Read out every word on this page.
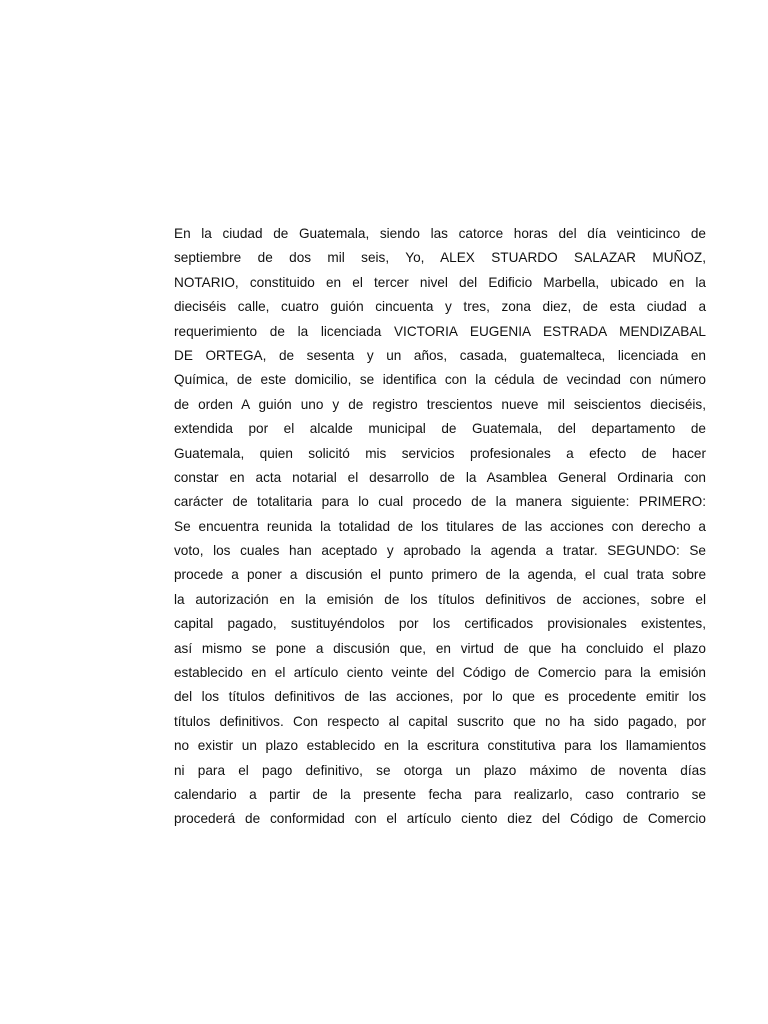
En la ciudad de Guatemala, siendo las catorce horas del día veinticinco de
septiembre de dos mil seis, Yo, ALEX STUARDO SALAZAR MUÑOZ,
NOTARIO, constituido en el tercer nivel del Edificio Marbella, ubicado en la
dieciséis calle, cuatro guión cincuenta y tres, zona diez, de esta ciudad a
requerimiento de la licenciada VICTORIA EUGENIA ESTRADA MENDIZABAL
DE ORTEGA, de sesenta y un años, casada, guatemalteca, licenciada en
Química, de este domicilio, se identifica con la cédula de vecindad con número
de orden A guión uno y de registro trescientos nueve mil seiscientos dieciséis,
extendida por el alcalde municipal de Guatemala, del departamento de
Guatemala, quien solicitó mis servicios profesionales a efecto de hacer
constar en acta notarial el desarrollo de la Asamblea General Ordinaria con
carácter de totalitaria para lo cual procedo de la manera siguiente: PRIMERO:
Se encuentra reunida la totalidad de los titulares de las acciones con derecho a
voto, los cuales han aceptado y aprobado la agenda a tratar. SEGUNDO: Se
procede a poner a discusión el punto primero de la agenda, el cual trata sobre
la autorización en la emisión de los títulos definitivos de acciones, sobre el
capital pagado, sustituyéndolos por los certificados provisionales existentes,
así mismo se pone a discusión que, en virtud de que ha concluido el plazo
establecido en el artículo ciento veinte del Código de Comercio para la emisión
del los títulos definitivos de las acciones, por lo que es procedente emitir los
títulos definitivos. Con respecto al capital suscrito que no ha sido pagado, por
no existir un plazo establecido en la escritura constitutiva para los llamamientos
ni para el pago definitivo, se otorga un plazo máximo de noventa días
calendario a partir de la presente fecha para realizarlo, caso contrario se
procederá de conformidad con el artículo ciento diez del Código de Comercio
